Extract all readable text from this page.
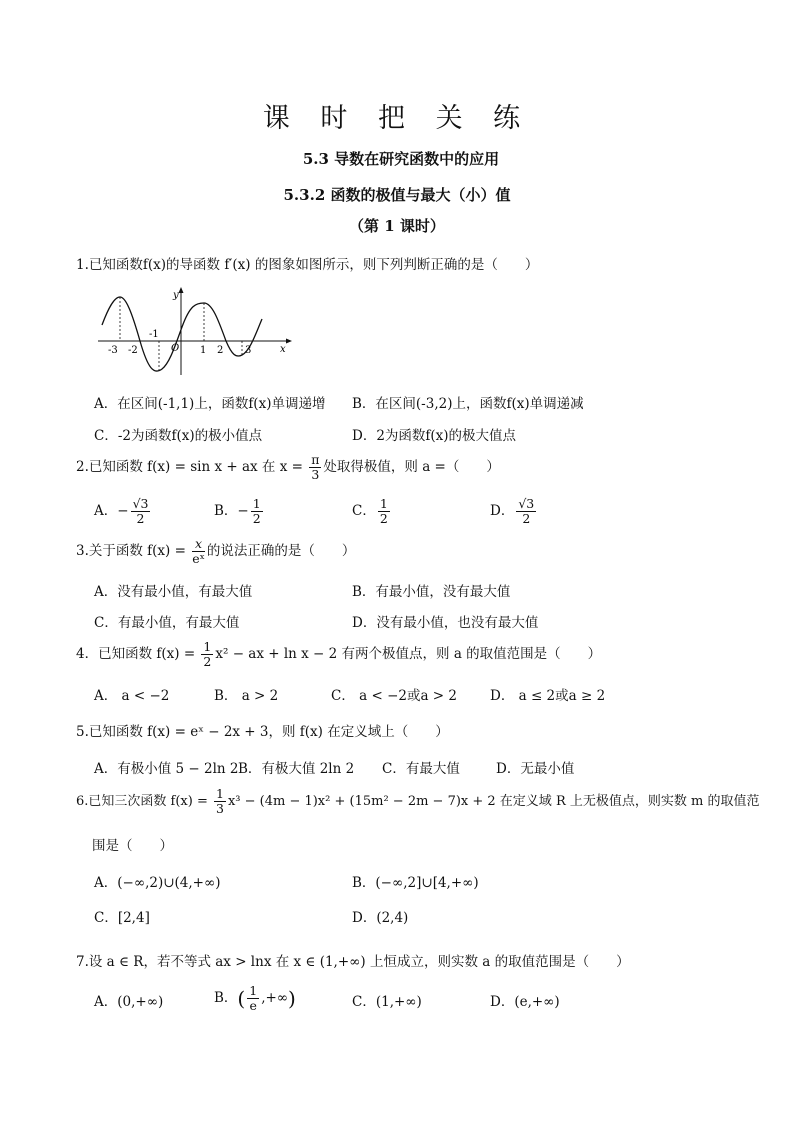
课 时 把 关 练
5.3 导数在研究函数中的应用
5.3.2 函数的极值与最大（小）值
（第 1 课时）
1.已知函数f(x)的导函数 f′(x) 的图象如图所示，则下列判断正确的是（　　）
y
x
O
-3 -2
-1
1 2 3
A．在区间(-1,1)上，函数f(x)单调递增 B．在区间(-3,2)上，函数f(x)单调递减
C．-2为函数f(x)的极小值点	D．2为函数f(x)的极大值点
2.已知函数 f(x) = sin x + ax 在 $x = \frac{\pi}{3}$ 处取得极值，则 a =（　　）
A．− $\frac{√3}{2}$	B．− $\frac{1}{2}$	C． $\frac{1}{2}$	D． $\frac{√3}{2}$
3.关于函数 $f(x) = \frac{x}{\text{eˣ}}$ 的说法正确的是（　　）
A．没有最小值，有最大值	B．有最小值，没有最大值
C．有最小值，有最大值	D．没有最小值，也没有最大值
4．已知函数 $f(x) = \frac{1}{2} x^2$ − ax + ln x − 2 有两个极值点，则 a 的取值范围是（　　）
A． a < −2	B． a > 2	C． a < −2或a > 2 D． a ≤ 2或a ≥ 2
5.已知函数 f(x) = eˣ − 2x + 3，则 f(x) 在定义域上（　　）
A．有极小值 5 − 2ln 2 B．有极大值 2ln 2 C．有最大值	D．无最小值
6.已知三次函数 $f(x) = \frac{1}{3} x^3 - (4m - 1)x^2 + (15m^2 - 2m - 7)x + 2$ 在定义域 R 上无极值点，则实数 m 的取值范
围是（　　）
A．(−∞,2)∪(4,+∞)	B．(−∞,2]∪[4,+∞)
C．[2,4]	D．(2,4)
7.设 a ∈ R，若不等式 ax > lnx 在 x ∈ (1,+∞) 上恒成立，则实数 a 的取值范围是（　　）
A．(0,+∞)	B．( $\frac{1}{e}$ ,+∞)	C．(1,+∞)	D．(e,+∞)
